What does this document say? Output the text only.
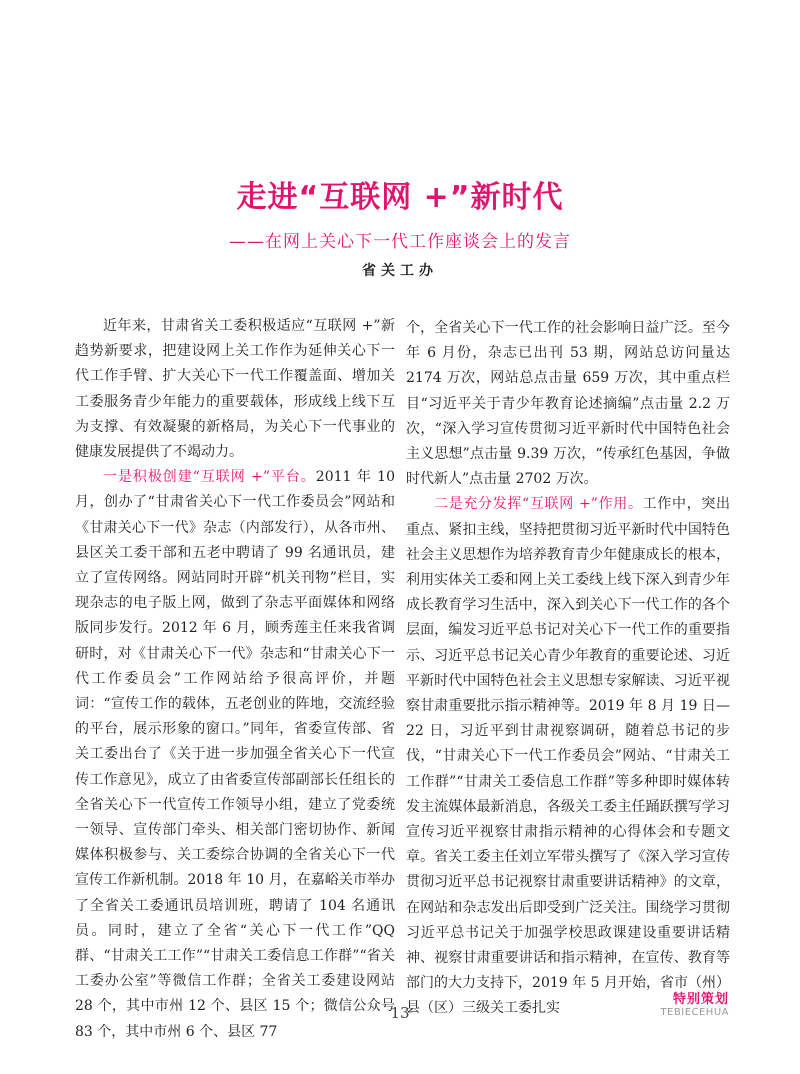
走进“互联网 +”新时代
——在网上关心下一代工作座谈会上的发言
省关工办

近年来，甘肃省关工委积极适应“互联网 +”新趋势新要求，把建设网上关工作作为延伸关心下一代工作手臂、扩大关心下一代工作覆盖面、增加关工委服务青少年能力的重要载体，形成线上线下互为支撑、有效凝聚的新格局，为关心下一代事业的健康发展提供了不竭动力。

一是积极创建“互联网 +”平台。2011 年 10 月，创办了“甘肃省关心下一代工作委员会”网站和《甘肃关心下一代》杂志（内部发行），从各市州、县区关工委干部和五老中聘请了 99 名通讯员，建立了宣传网络。网站同时开辟“机关刊物”栏目，实现杂志的电子版上网，做到了杂志平面媒体和网络版同步发行。2012 年 6 月，顾秀莲主任来我省调研时，对《甘肃关心下一代》杂志和“甘肃关心下一代工作委员会”工作网站给予很高评价，并题词：“宣传工作的载体，五老创业的阵地，交流经验的平台，展示形象的窗口。”同年，省委宣传部、省关工委出台了《关于进一步加强全省关心下一代宣传工作意见》，成立了由省委宣传部副部长任组长的全省关心下一代宣传工作领导小组，建立了党委统一领导、宣传部门牵头、相关部门密切协作、新闻媒体积极参与、关工委综合协调的全省关心下一代宣传工作新机制。2018 年 10 月，在嘉峪关市举办了全省关工委通讯员培训班，聘请了 104 名通讯员。同时，建立了全省“关心下一代工作”QQ 群、“甘肃关工工作”“甘肃关工委信息工作群”“省关工委办公室”等微信工作群；全省关工委建设网站 28 个，其中市州 12 个、县区 15 个；微信公众号 83 个，其中市州 6 个、县区 77

个，全省关心下一代工作的社会影响日益广泛。至今年 6 月份，杂志已出刊 53 期，网站总访问量达 2174 万次，网站总点击量 659 万次，其中重点栏目“习近平关于青少年教育论述摘编”点击量 2.2 万次，“深入学习宣传贯彻习近平新时代中国特色社会主义思想”点击量 9.39 万次，“传承红色基因，争做时代新人”点击量 2702 万次。

二是充分发挥“互联网 +”作用。工作中，突出重点、紧扣主线，坚持把贯彻习近平新时代中国特色社会主义思想作为培养教育青少年健康成长的根本，利用实体关工委和网上关工委线上线下深入到青少年成长教育学习生活中，深入到关心下一代工作的各个层面，编发习近平总书记对关心下一代工作的重要指示、习近平总书记关心青少年教育的重要论述、习近平新时代中国特色社会主义思想专家解读、习近平视察甘肃重要批示指示精神等。2019 年 8 月 19 日—22 日，习近平到甘肃视察调研，随着总书记的步伐，“甘肃关心下一代工作委员会”网站、“甘肃关工工作群”“甘肃关工委信息工作群”等多种即时媒体转发主流媒体最新消息，各级关工委主任踊跃撰写学习宣传习近平视察甘肃指示精神的心得体会和专题文章。省关工委主任刘立军带头撰写了《深入学习宣传贯彻习近平总书记视察甘肃重要讲话精神》的文章，在网站和杂志发出后即受到广泛关注。围绕学习贯彻习近平总书记关于加强学校思政课建设重要讲话精神、视察甘肃重要讲话和指示精神，在宣传、教育等部门的大力支持下，2019 年 5 月开始，省市（州）县（区）三级关工委扎实

13
特别策划
TEBIECEHUA
